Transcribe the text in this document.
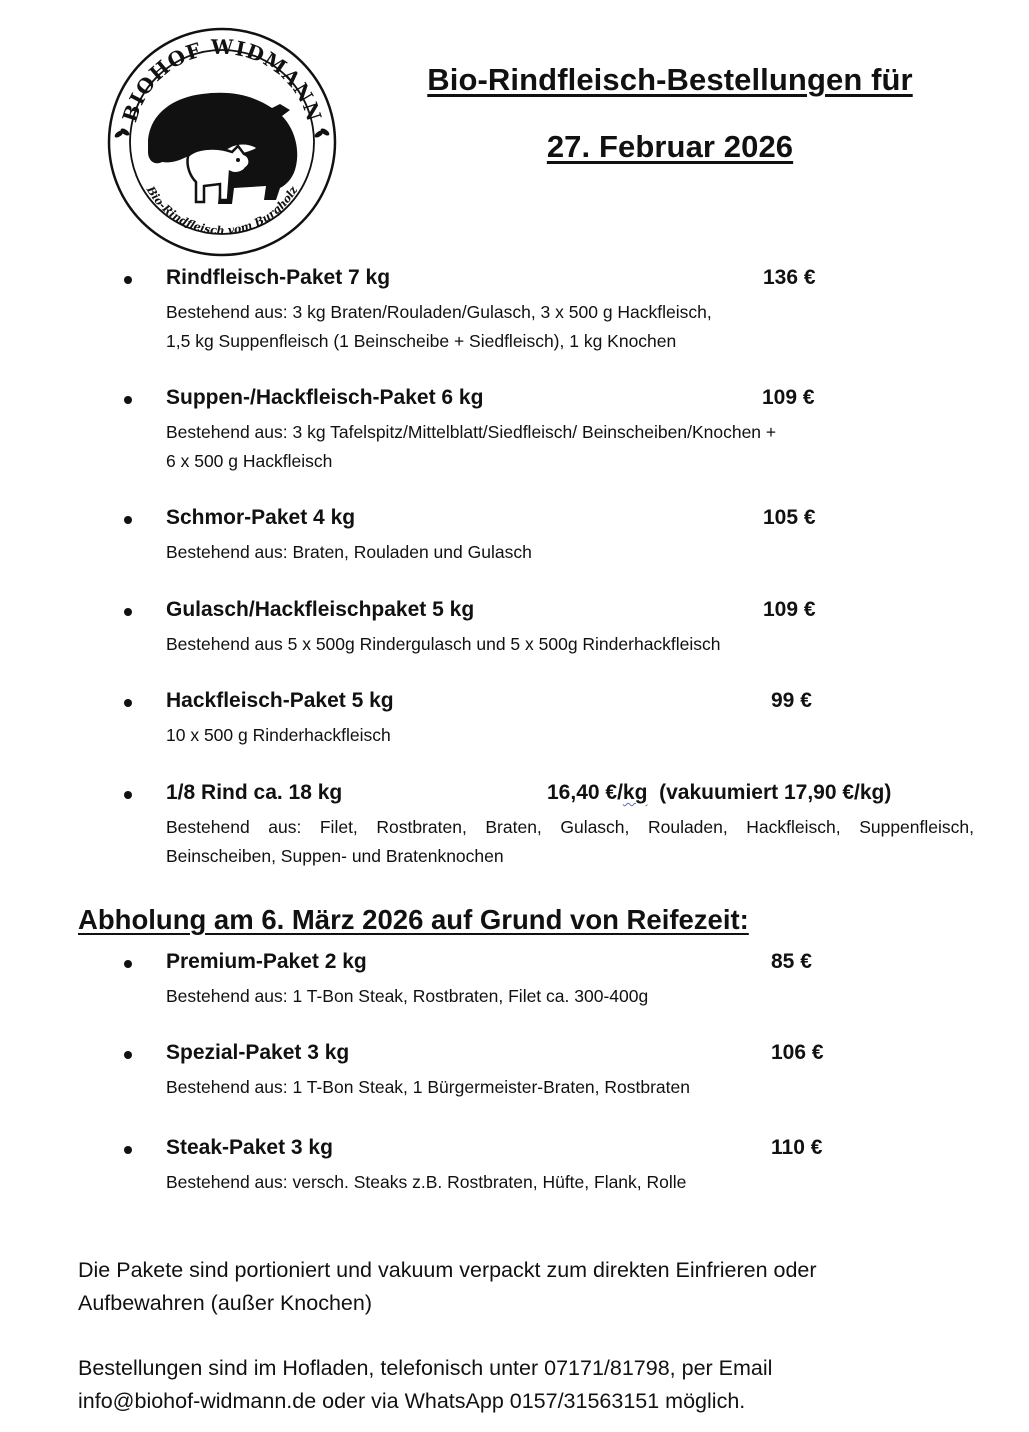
BIOHOF WIDMANN
Bio-Rindfleisch vom Burgholz
Bio-Rindfleisch-Bestellungen für
27. Februar 2026
Rindfleisch-Paket 7 kg	136 €
Bestehend aus: 3 kg Braten/Rouladen/Gulasch, 3 x 500 g Hackfleisch,
1,5 kg Suppenfleisch (1 Beinscheibe + Siedfleisch), 1 kg Knochen
Suppen-/Hackfleisch-Paket 6 kg	109 €
Bestehend aus: 3 kg Tafelspitz/Mittelblatt/Siedfleisch/ Beinscheiben/Knochen +
6 x 500 g Hackfleisch
Schmor-Paket 4 kg	105 €
Bestehend aus: Braten, Rouladen und Gulasch
Gulasch/Hackfleischpaket 5 kg	109 €
Bestehend aus 5 x 500g Rindergulasch und 5 x 500g Rinderhackfleisch
Hackfleisch-Paket 5 kg	99 €
10 x 500 g Rinderhackfleisch
1/8 Rind ca. 18 kg	16,40 €/kg  (vakuumiert 17,90 €/kg)
Bestehend aus: Filet, Rostbraten, Braten, Gulasch, Rouladen, Hackfleisch, Suppenfleisch,
Beinscheiben, Suppen- und Bratenknochen
Abholung am 6. März 2026 auf Grund von Reifezeit:
Premium-Paket 2 kg	85 €
Bestehend aus: 1 T-Bon Steak, Rostbraten, Filet ca. 300-400g
Spezial-Paket 3 kg	106 €
Bestehend aus: 1 T-Bon Steak, 1 Bürgermeister-Braten, Rostbraten
Steak-Paket 3 kg	110 €
Bestehend aus: versch. Steaks z.B. Rostbraten, Hüfte, Flank, Rolle
Die Pakete sind portioniert und vakuum verpackt zum direkten Einfrieren oder
Aufbewahren (außer Knochen)
Bestellungen sind im Hofladen, telefonisch unter 07171/81798, per Email
info@biohof-widmann.de oder via WhatsApp 0157/31563151 möglich.
